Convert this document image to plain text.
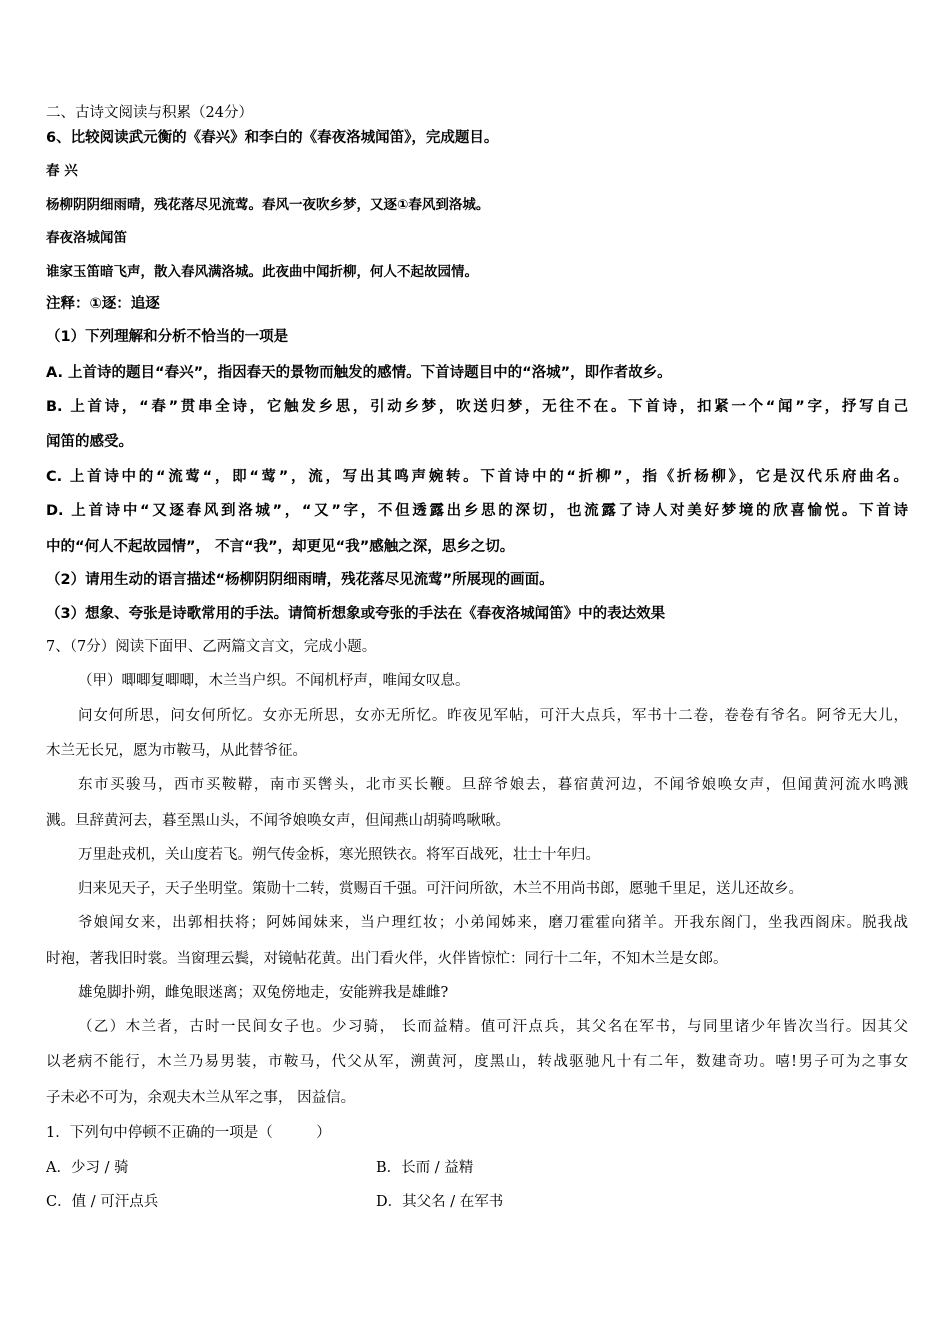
二、古诗文阅读与积累（24分）
6、比较阅读武元衡的《春兴》和李白的《春夜洛城闻笛》，完成题目。
春 兴
杨柳阴阴细雨晴，残花落尽见流莺。春风一夜吹乡梦，又逐①春风到洛城。
春夜洛城闻笛
谁家玉笛暗飞声，散入春风满洛城。此夜曲中闻折柳，何人不起故园情。
注释：①逐：追逐
（1）下列理解和分析不恰当的一项是
A. 上首诗的题目“春兴”，指因春天的景物而触发的感情。下首诗题目中的“洛城”，即作者故乡。
B. 上首诗，“春”贯串全诗，它触发乡思，引动乡梦，吹送归梦，无往不在。下首诗，扣紧一个“闻”字，抒写自己
闻笛的感受。
C. 上首诗中的“流莺“，即“莺”，流，写出其鸣声婉转。下首诗中的“折柳”，指《折杨柳》，它是汉代乐府曲名。
D. 上首诗中“又逐春风到洛城”，“又”字，不但透露出乡思的深切，也流露了诗人对美好梦境的欣喜愉悦。下首诗
中的“何人不起故园情”， 不言“我”，却更见“我”感触之深，思乡之切。
（2）请用生动的语言描述“杨柳阴阴细雨晴，残花落尽见流莺”所展现的画面。
（3）想象、夸张是诗歌常用的手法。请简析想象或夸张的手法在《春夜洛城闻笛》中的表达效果
7、（7分）阅读下面甲、乙两篇文言文，完成小题。
（甲）唧唧复唧唧，木兰当户织。不闻机杼声，唯闻女叹息。
问女何所思，问女何所忆。女亦无所思，女亦无所忆。昨夜见军帖，可汗大点兵，军书十二卷，卷卷有爷名。阿爷无大儿，
木兰无长兄，愿为市鞍马，从此替爷征。
东市买骏马，西市买鞍鞯，南市买辔头，北市买长鞭。旦辞爷娘去，暮宿黄河边，不闻爷娘唤女声，但闻黄河流水鸣溅
溅。旦辞黄河去，暮至黑山头，不闻爷娘唤女声，但闻燕山胡骑鸣啾啾。
万里赴戎机，关山度若飞。朔气传金柝，寒光照铁衣。将军百战死，壮士十年归。
归来见天子，天子坐明堂。策勋十二转，赏赐百千强。可汗问所欲，木兰不用尚书郎，愿驰千里足，送儿还故乡。
爷娘闻女来，出郭相扶将；阿姊闻妹来，当户理红妆；小弟闻姊来，磨刀霍霍向猪羊。开我东阁门，坐我西阁床。脱我战
时袍，著我旧时裳。当窗理云鬓，对镜帖花黄。出门看火伴，火伴皆惊忙：同行十二年，不知木兰是女郎。
雄兔脚扑朔，雌兔眼迷离；双兔傍地走，安能辨我是雄雌?
（乙）木兰者，古时一民间女子也。少习骑， 长而益精。值可汗点兵，其父名在军书，与同里诸少年皆次当行。因其父
以老病不能行，木兰乃易男装，市鞍马，代父从军，溯黄河，度黑山，转战驱驰凡十有二年，数建奇功。嘻!男子可为之事女
子未必不可为，余观夫木兰从军之事， 因益信。
1．下列句中停顿不正确的一项是（　　　）
A．少习 / 骑	B．长而 / 益精
C．值 / 可汗点兵	D．其父名 / 在军书
